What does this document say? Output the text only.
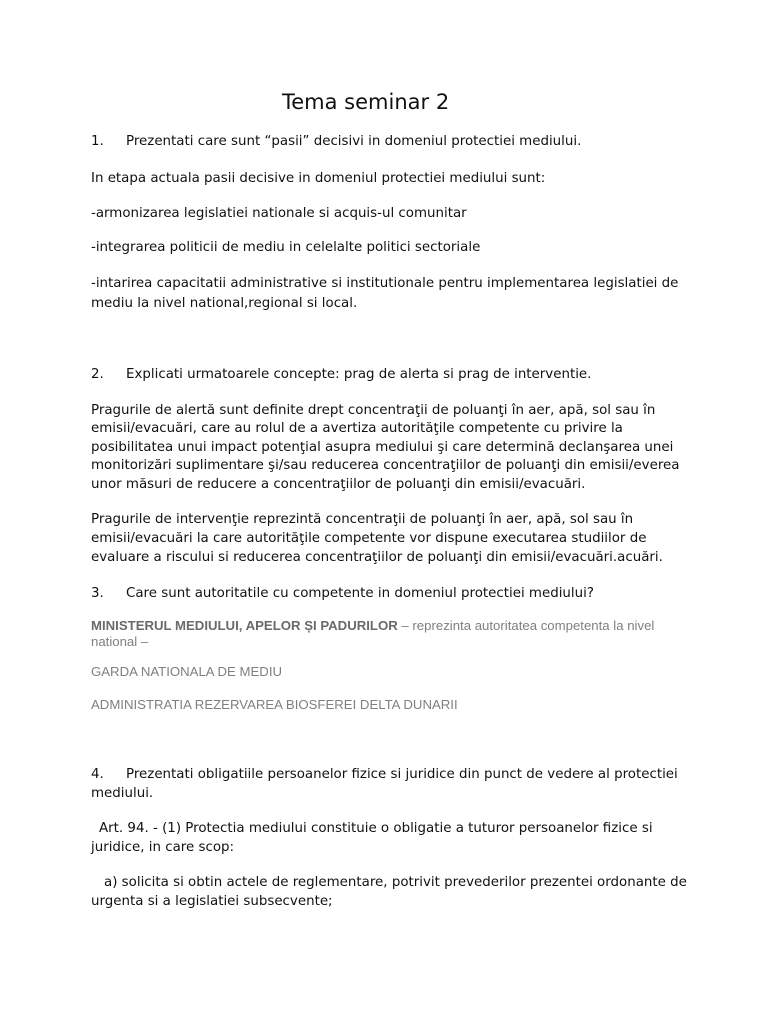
Tema seminar 2
1. Prezentati care sunt “pasii” decisivi in domeniul protectiei mediului.

In etapa actuala pasii decisive in domeniul protectiei mediului sunt:

-armonizarea legislatiei nationale si acquis-ul comunitar

-integrarea politicii de mediu in celelalte politici sectoriale

-intarirea capacitatii administrative si institutionale pentru implementarea legislatiei de

mediu la nivel national,regional si local.

2. Explicati urmatoarele concepte: prag de alerta si prag de interventie.

Pragurile de alertă sunt definite drept concentraţii de poluanţi în aer, apă, sol sau în

emisii/evacuări, care au rolul de a avertiza autorităţile competente cu privire la

posibilitatea unui impact potenţial asupra mediului şi care determină declanşarea unei

monitorizări suplimentare şi/sau reducerea concentraţiilor de poluanţi din emisii/everea

unor măsuri de reducere a concentraţiilor de poluanţi din emisii/evacuări.

Pragurile de intervenţie reprezintă concentraţii de poluanţi în aer, apă, sol sau în

emisii/evacuări la care autorităţile competente vor dispune executarea studiilor de

evaluare a riscului si reducerea concentraţiilor de poluanţi din emisii/evacuări.acuări.

3. Care sunt autoritatile cu competente in domeniul protectiei mediului?
MINISTERUL MEDIULUI, APELOR ȘI PADURILOR – reprezinta autoritatea competenta la nivel
national –
GARDA NATIONALA DE MEDIU
ADMINISTRATIA REZERVAREA BIOSFEREI DELTA DUNARII
4. Prezentati obligatiile persoanelor fizice si juridice din punct de vedere al protectiei
mediului.

Art. 94. - (1) Protectia mediului constituie o obligatie a tuturor persoanelor fizice si

juridice, in care scop:

a) solicita si obtin actele de reglementare, potrivit prevederilor prezentei ordonante de

urgenta si a legislatiei subsecvente;
